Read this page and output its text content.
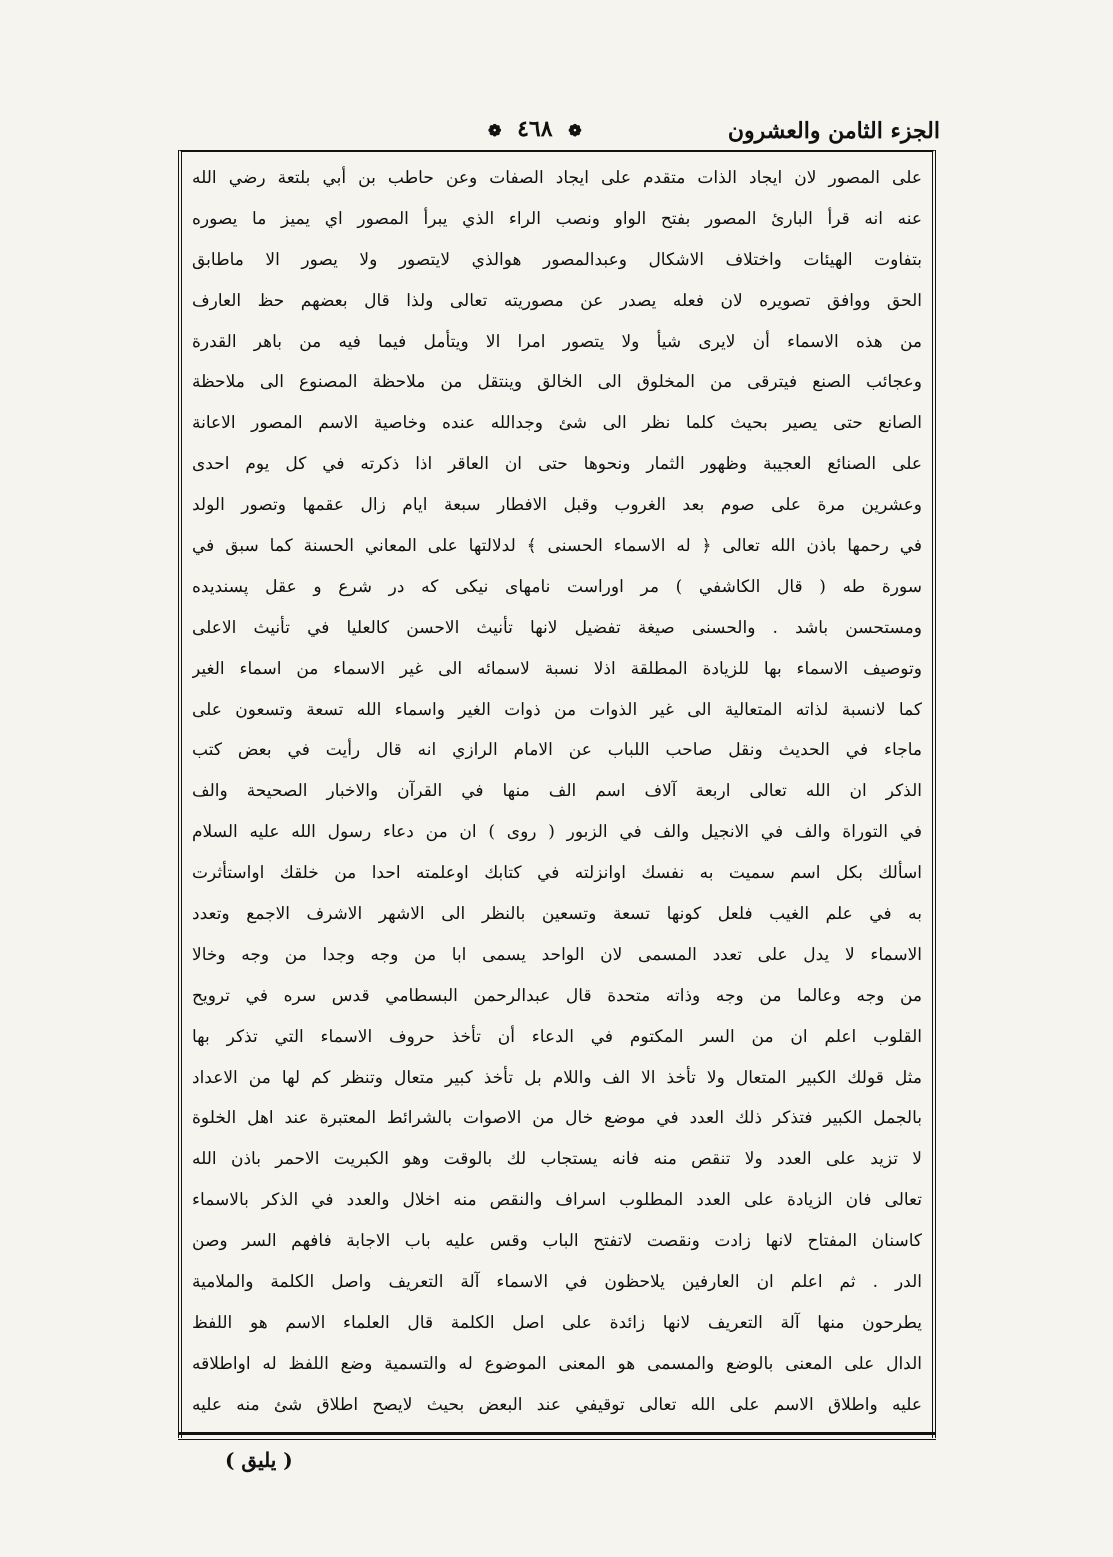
الجزء الثامن والعشرون
❁ ٤٦٨ ❁
على المصور لان ايجاد الذات متقدم على ايجاد الصفات وعن حاطب بن أبي بلتعة رضي الله
عنه انه قرأ البارئ المصور بفتح الواو ونصب الراء الذي يبرأ المصور اي يميز ما يصوره
بتفاوت الهيئات واختلاف الاشكال وعبدالمصور هوالذي لايتصور ولا يصور الا ماطابق
الحق ووافق تصويره لان فعله يصدر عن مصوريته تعالى ولذا قال بعضهم حظ العارف
من هذه الاسماء أن لايرى شيأ ولا يتصور امرا الا ويتأمل فيما فيه من باهر القدرة
وعجائب الصنع فيترقى من المخلوق الى الخالق وينتقل من ملاحظة المصنوع الى ملاحظة
الصانع حتى يصير بحيث كلما نظر الى شئ وجدالله عنده وخاصية الاسم المصور الاعانة
على الصنائع العجيبة وظهور الثمار ونحوها حتى ان العاقر اذا ذكرته في كل يوم احدى
وعشرين مرة على صوم بعد الغروب وقبل الافطار سبعة ايام زال عقمها وتصور الولد
في رحمها باذن الله تعالى ﴿ له الاسماء الحسنى ﴾ لدلالتها على المعاني الحسنة كما سبق في
سورة طه ( قال الكاشفي ) مر اوراست نامهاى نيكى كه در شرع و عقل پسنديده
ومستحسن باشد . والحسنى صيغة تفضيل لانها تأنيث الاحسن كالعليا في تأنيث الاعلى
وتوصيف الاسماء بها للزيادة المطلقة اذلا نسبة لاسمائه الى غير الاسماء من اسماء الغير
كما لانسبة لذاته المتعالية الى غير الذوات من ذوات الغير واسماء الله تسعة وتسعون على
ماجاء في الحديث ونقل صاحب اللباب عن الامام الرازي انه قال رأيت في بعض كتب
الذكر ان الله تعالى اربعة آلاف اسم الف منها في القرآن والاخبار الصحيحة والف
في التوراة والف في الانجيل والف في الزبور ( روى ) ان من دعاء رسول الله عليه السلام
اسألك بكل اسم سميت به نفسك اوانزلته في كتابك اوعلمته احدا من خلقك اواستأثرت
به في علم الغيب فلعل كونها تسعة وتسعين بالنظر الى الاشهر الاشرف الاجمع وتعدد
الاسماء لا يدل على تعدد المسمى لان الواحد يسمى ابا من وجه وجدا من وجه وخالا
من وجه وعالما من وجه وذاته متحدة قال عبدالرحمن البسطامي قدس سره في ترويح
القلوب اعلم ان من السر المكتوم في الدعاء أن تأخذ حروف الاسماء التي تذكر بها
مثل قولك الكبير المتعال ولا تأخذ الا الف واللام بل تأخذ كبير متعال وتنظر كم لها من الاعداد
بالجمل الكبير فتذكر ذلك العدد في موضع خال من الاصوات بالشرائط المعتبرة عند اهل الخلوة
لا تزيد على العدد ولا تنقص منه فانه يستجاب لك بالوقت وهو الكبريت الاحمر باذن الله
تعالى فان الزيادة على العدد المطلوب اسراف والنقص منه اخلال والعدد في الذكر بالاسماء
كاسنان المفتاح لانها زادت ونقصت لاتفتح الباب وقس عليه باب الاجابة فافهم السر وصن
الدر . ثم اعلم ان العارفين يلاحظون في الاسماء آلة التعريف واصل الكلمة والملامية
يطرحون منها آلة التعريف لانها زائدة على اصل الكلمة قال العلماء الاسم هو اللفظ
الدال على المعنى بالوضع والمسمى هو المعنى الموضوع له والتسمية وضع اللفظ له اواطلاقه
عليه واطلاق الاسم على الله تعالى توقيفي عند البعض بحيث لايصح اطلاق شئ منه عليه
( يليق )
